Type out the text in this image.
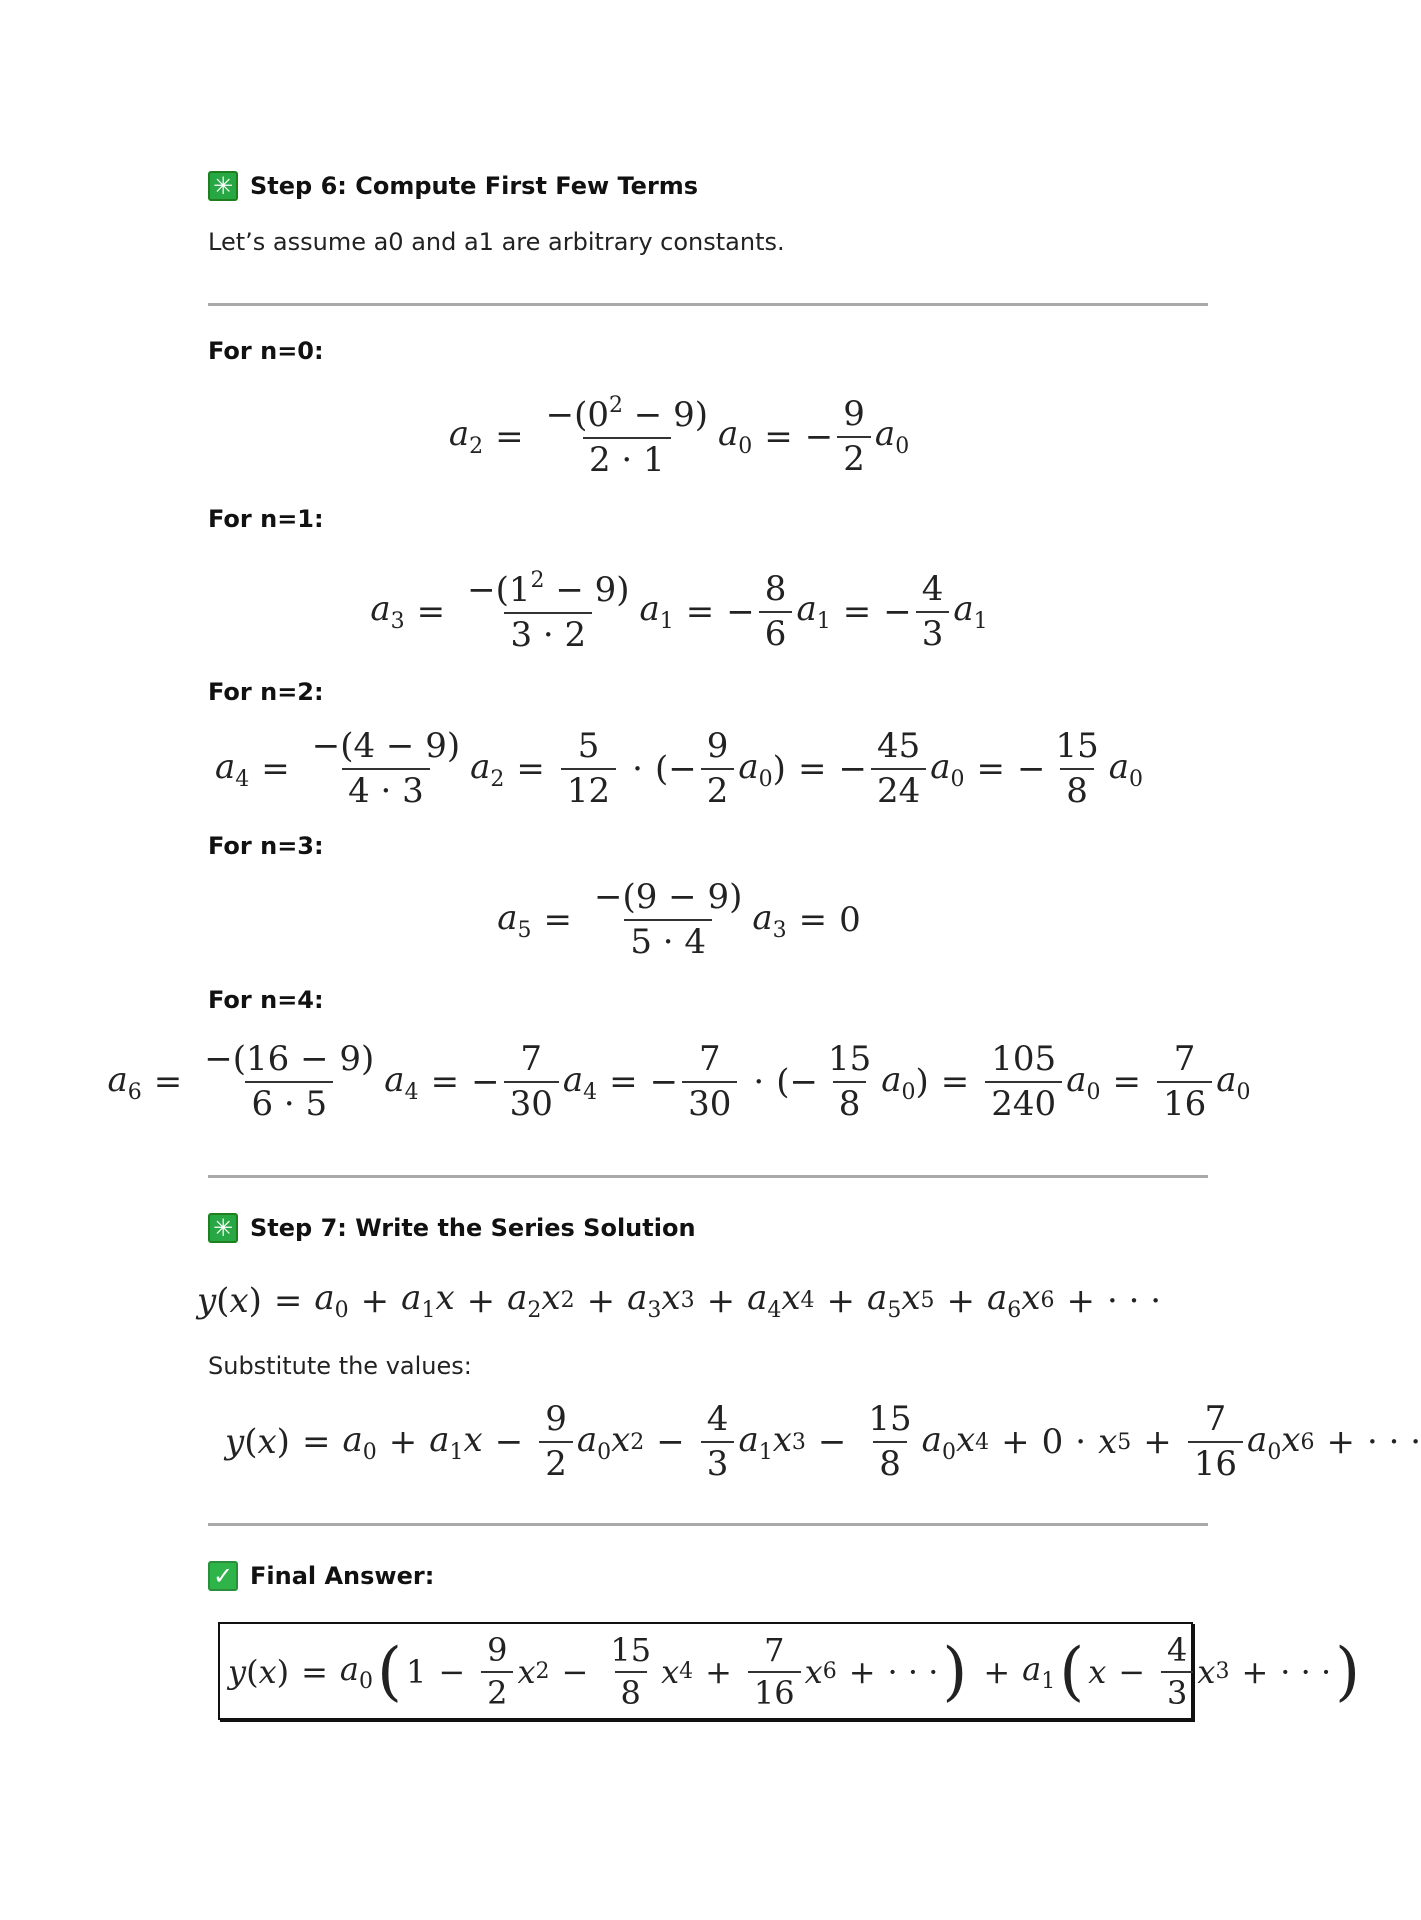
✳ Step 6: Compute First Few Terms
Let’s assume a0 and a1 are arbitrary constants.
For n=0:
$a_2 = \frac{-(0^2 - 9)}{2 \cdot 1} a_0$ = − $\frac{9}{2} a_0$
For n=1:
$a_3 = \frac{-(1^2 - 9)}{3 \cdot 2} a_1$ = − $\frac{8}{6} a_1$ = − $\frac{4}{3} a_1$
For n=2:
$a_4 = \frac{-(4 - 9)}{4 \cdot 3} a_2 = \frac{5}{12}$ · (− $\frac{9}{2} a_0$ ) = − $\frac{45}{24} a_0$ = − $\frac{15}{8} a_0$
For n=3:
$a_5 = \frac{-(9 - 9)}{5 \cdot 4} a_3 = 0$
For n=4:
$a_6 = \frac{-(16 - 9)}{6 \cdot 5} a_4$ = − $\frac{7}{30} a_4$ = − $\frac{7}{30}$ · (− $\frac{15}{8} a_0$ ) = $\frac{105}{240} a_0 = \frac{7}{16} a_0$
✳ Step 7: Write the Series Solution
y ( x ) = $a_0 + a_1x + a_2x$ $2 + a_3x$ $3 + a_4x$ $4 + a_5x$ $5 + a_6x$ 6 + · · ·
Substitute the values:
y ( x ) = $a_0 + a_1x - \frac{9}{2} a_0x$ $2 - \frac{4}{3} a_1x$ $3 - \frac{15}{8} a_0x$ 4 + 0 · x $5 + \frac{7}{16} a_0x$ 6 + · · ·
✓ Final Answer:
y ( x ) = $a_0$ ( $1 - \frac{9}{2}$ x $2 - \frac{15}{8}$ x $4 + \frac{7}{16}$ x 6 + · · · ) + $a_1$ ( $x - \frac{4}{3}$ x 3 + · · · )
